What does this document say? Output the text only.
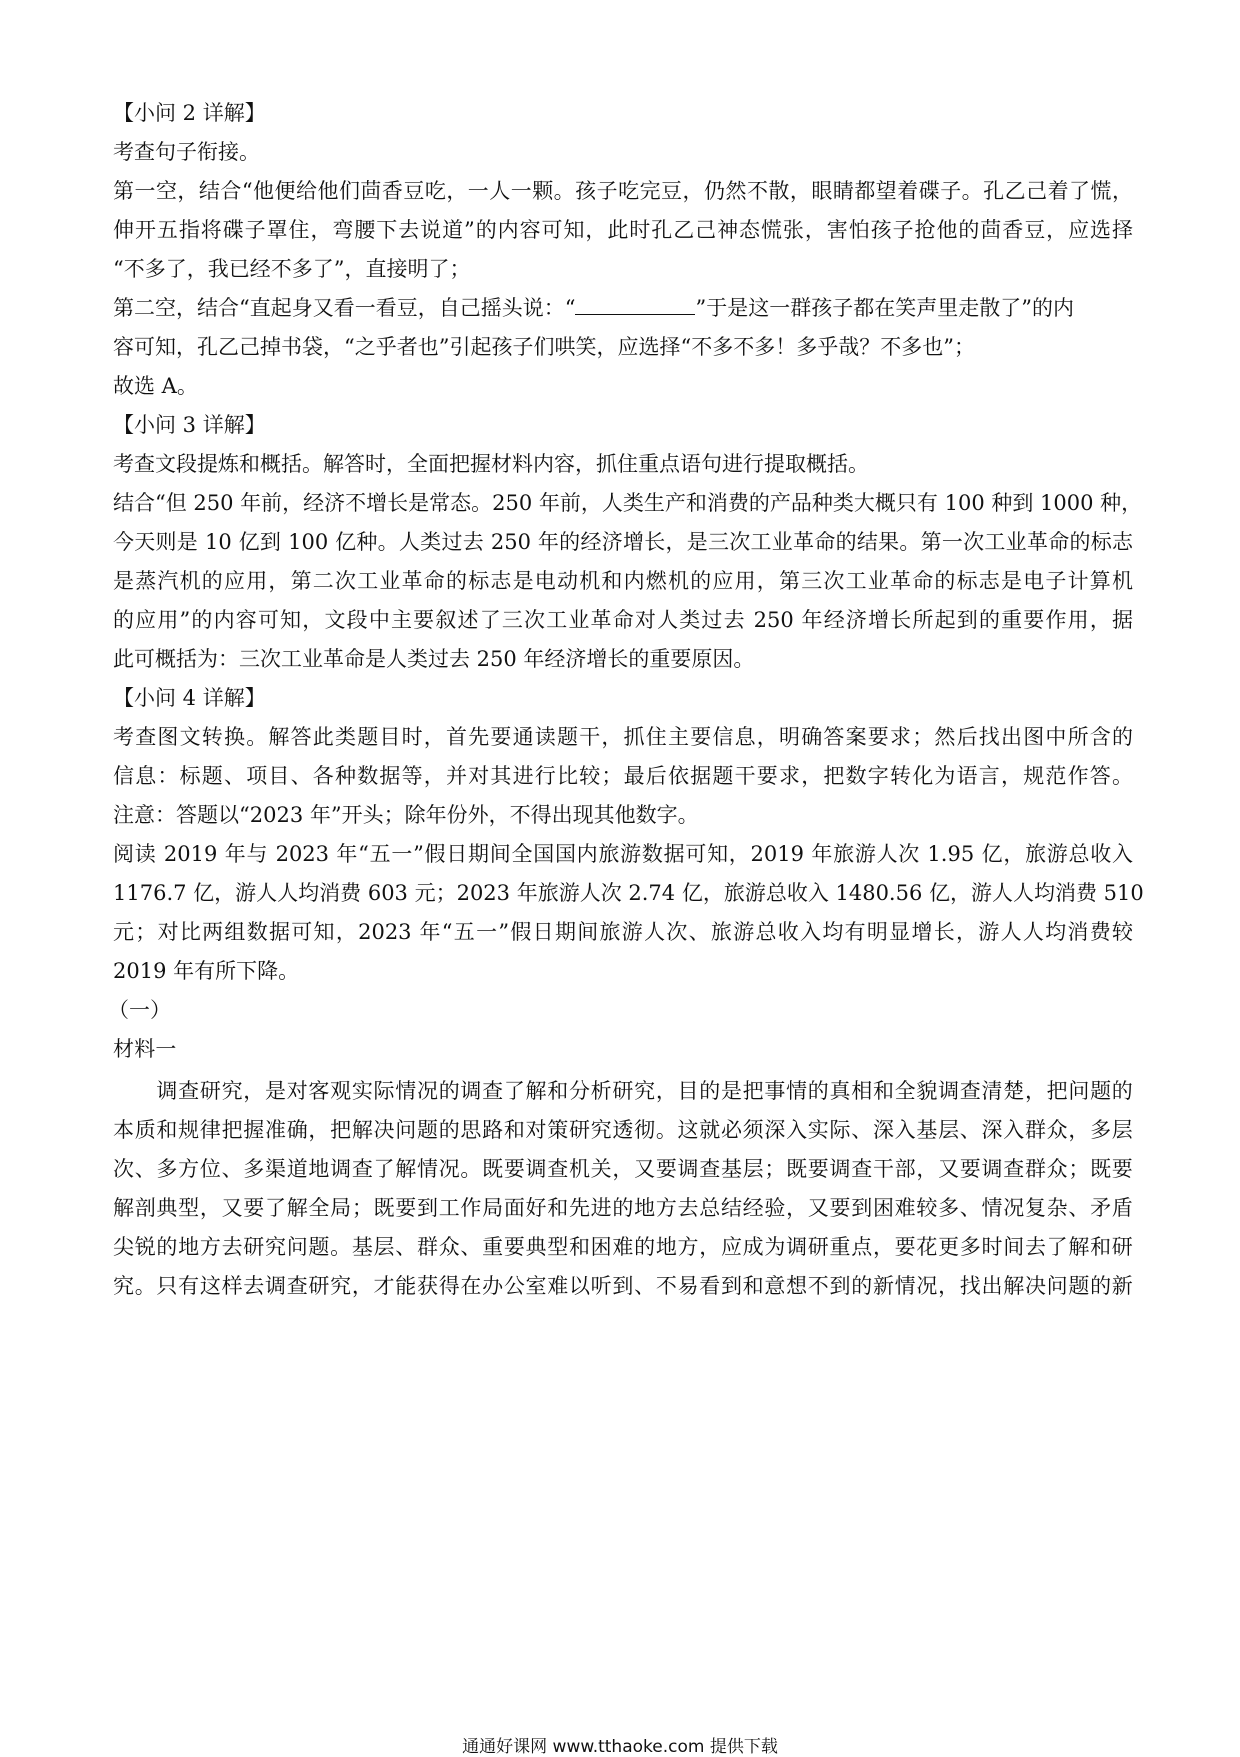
【小问 2 详解】
考查句子衔接。
第一空，结合“他便给他们茴香豆吃，一人一颗。孩子吃完豆，仍然不散，眼睛都望着碟子。孔乙己着了慌，
伸开五指将碟子罩住，弯腰下去说道”的内容可知，此时孔乙己神态慌张，害怕孩子抢他的茴香豆，应选择
“不多了，我已经不多了”，直接明了；
第二空，结合“直起身又看一看豆，自己摇头说：“	”于是这一群孩子都在笑声里走散了”的内
容可知，孔乙己掉书袋，“之乎者也”引起孩子们哄笑，应选择“不多不多！多乎哉？不多也”；
故选 A。
【小问 3 详解】
考查文段提炼和概括。解答时，全面把握材料内容，抓住重点语句进行提取概括。
结合“但 250 年前，经济不增长是常态。250 年前，人类生产和消费的产品种类大概只有 100 种到 1000 种，
今天则是 10 亿到 100 亿种。人类过去 250 年的经济增长，是三次工业革命的结果。第一次工业革命的标志
是蒸汽机的应用，第二次工业革命的标志是电动机和内燃机的应用，第三次工业革命的标志是电子计算机
的应用”的内容可知，文段中主要叙述了三次工业革命对人类过去 250 年经济增长所起到的重要作用，据
此可概括为：三次工业革命是人类过去 250 年经济增长的重要原因。
【小问 4 详解】
考查图文转换。解答此类题目时，首先要通读题干，抓住主要信息，明确答案要求；然后找出图中所含的
信息：标题、项目、各种数据等，并对其进行比较；最后依据题干要求，把数字转化为语言，规范作答。
注意：答题以“2023 年”开头；除年份外，不得出现其他数字。
阅读 2019 年与 2023 年“五一”假日期间全国国内旅游数据可知，2019 年旅游人次 1.95 亿，旅游总收入
1176.7 亿，游人人均消费 603 元；2023 年旅游人次 2.74 亿，旅游总收入 1480.56 亿，游人人均消费 510
元；对比两组数据可知，2023 年“五一”假日期间旅游人次、旅游总收入均有明显增长，游人人均消费较
2019 年有所下降。
（一）
材料一
　　调查研究，是对客观实际情况的调查了解和分析研究，目的是把事情的真相和全貌调查清楚，把问题的
本质和规律把握准确，把解决问题的思路和对策研究透彻。这就必须深入实际、深入基层、深入群众，多层
次、多方位、多渠道地调查了解情况。既要调查机关，又要调查基层；既要调查干部，又要调查群众；既要
解剖典型，又要了解全局；既要到工作局面好和先进的地方去总结经验，又要到困难较多、情况复杂、矛盾
尖锐的地方去研究问题。基层、群众、重要典型和困难的地方，应成为调研重点，要花更多时间去了解和研
究。只有这样去调查研究，才能获得在办公室难以听到、不易看到和意想不到的新情况，找出解决问题的新
通通好课网 www.tthaoke.com 提供下载
